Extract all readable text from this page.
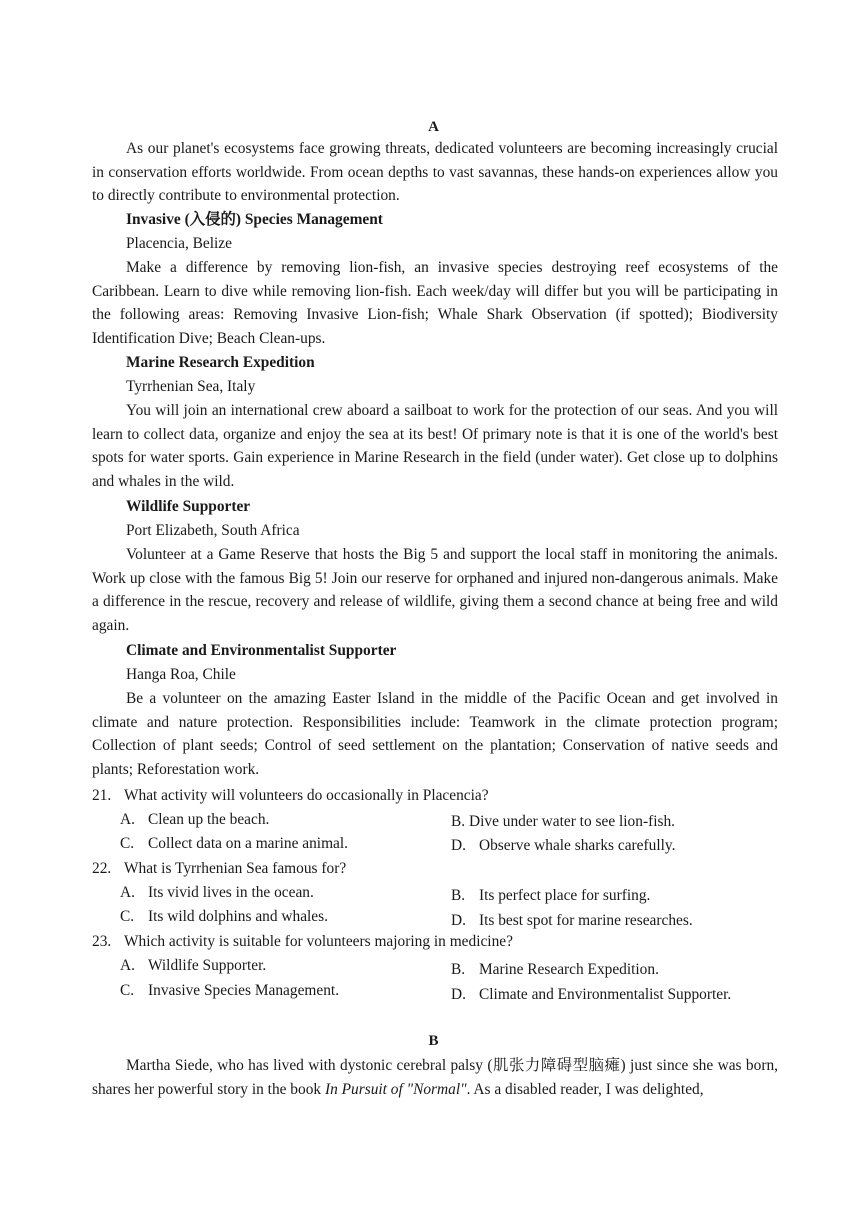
A

As our planet's ecosystems face growing threats, dedicated volunteers are becoming increasingly crucial in conservation efforts worldwide. From ocean depths to vast savannas, these hands-on experiences allow you to directly contribute to environmental protection.

Invasive (入侵的) Species Management
Placencia, Belize

Make a difference by removing lion-fish, an invasive species destroying reef ecosystems of the Caribbean. Learn to dive while removing lion-fish. Each week/day will differ but you will be participating in the following areas: Removing Invasive Lion-fish; Whale Shark Observation (if spotted); Biodiversity Identification Dive; Beach Clean-ups.

Marine Research Expedition
Tyrrhenian Sea, Italy

You will join an international crew aboard a sailboat to work for the protection of our seas. And you will learn to collect data, organize and enjoy the sea at its best! Of primary note is that it is one of the world's best spots for water sports. Gain experience in Marine Research in the field (under water). Get close up to dolphins and whales in the wild.

Wildlife Supporter
Port Elizabeth, South Africa

Volunteer at a Game Reserve that hosts the Big 5 and support the local staff in monitoring the animals. Work up close with the famous Big 5! Join our reserve for orphaned and injured non-dangerous animals. Make a difference in the rescue, recovery and release of wildlife, giving them a second chance at being free and wild again.

Climate and Environmentalist Supporter
Hanga Roa, Chile

Be a volunteer on the amazing Easter Island in the middle of the Pacific Ocean and get involved in climate and nature protection. Responsibilities include: Teamwork in the climate protection program; Collection of plant seeds; Control of seed settlement on the plantation; Conservation of native seeds and plants; Reforestation work.

21. What activity will volunteers do occasionally in Placencia?
A. Clean up the beach.	B. Dive under water to see lion-fish.
C. Collect data on a marine animal.	D. Observe whale sharks carefully.
22. What is Tyrrhenian Sea famous for?
A. Its vivid lives in the ocean.	B. Its perfect place for surfing.
C. Its wild dolphins and whales.	D. Its best spot for marine researches.
23. Which activity is suitable for volunteers majoring in medicine?
A. Wildlife Supporter.	B. Marine Research Expedition.
C. Invasive Species Management.	D. Climate and Environmentalist Supporter.
B

Martha Siede, who has lived with dystonic cerebral palsy (肌张力障碍型脑瘫) just since she was born, shares her powerful story in the book In Pursuit of "Normal". As a disabled reader, I was delighted,
